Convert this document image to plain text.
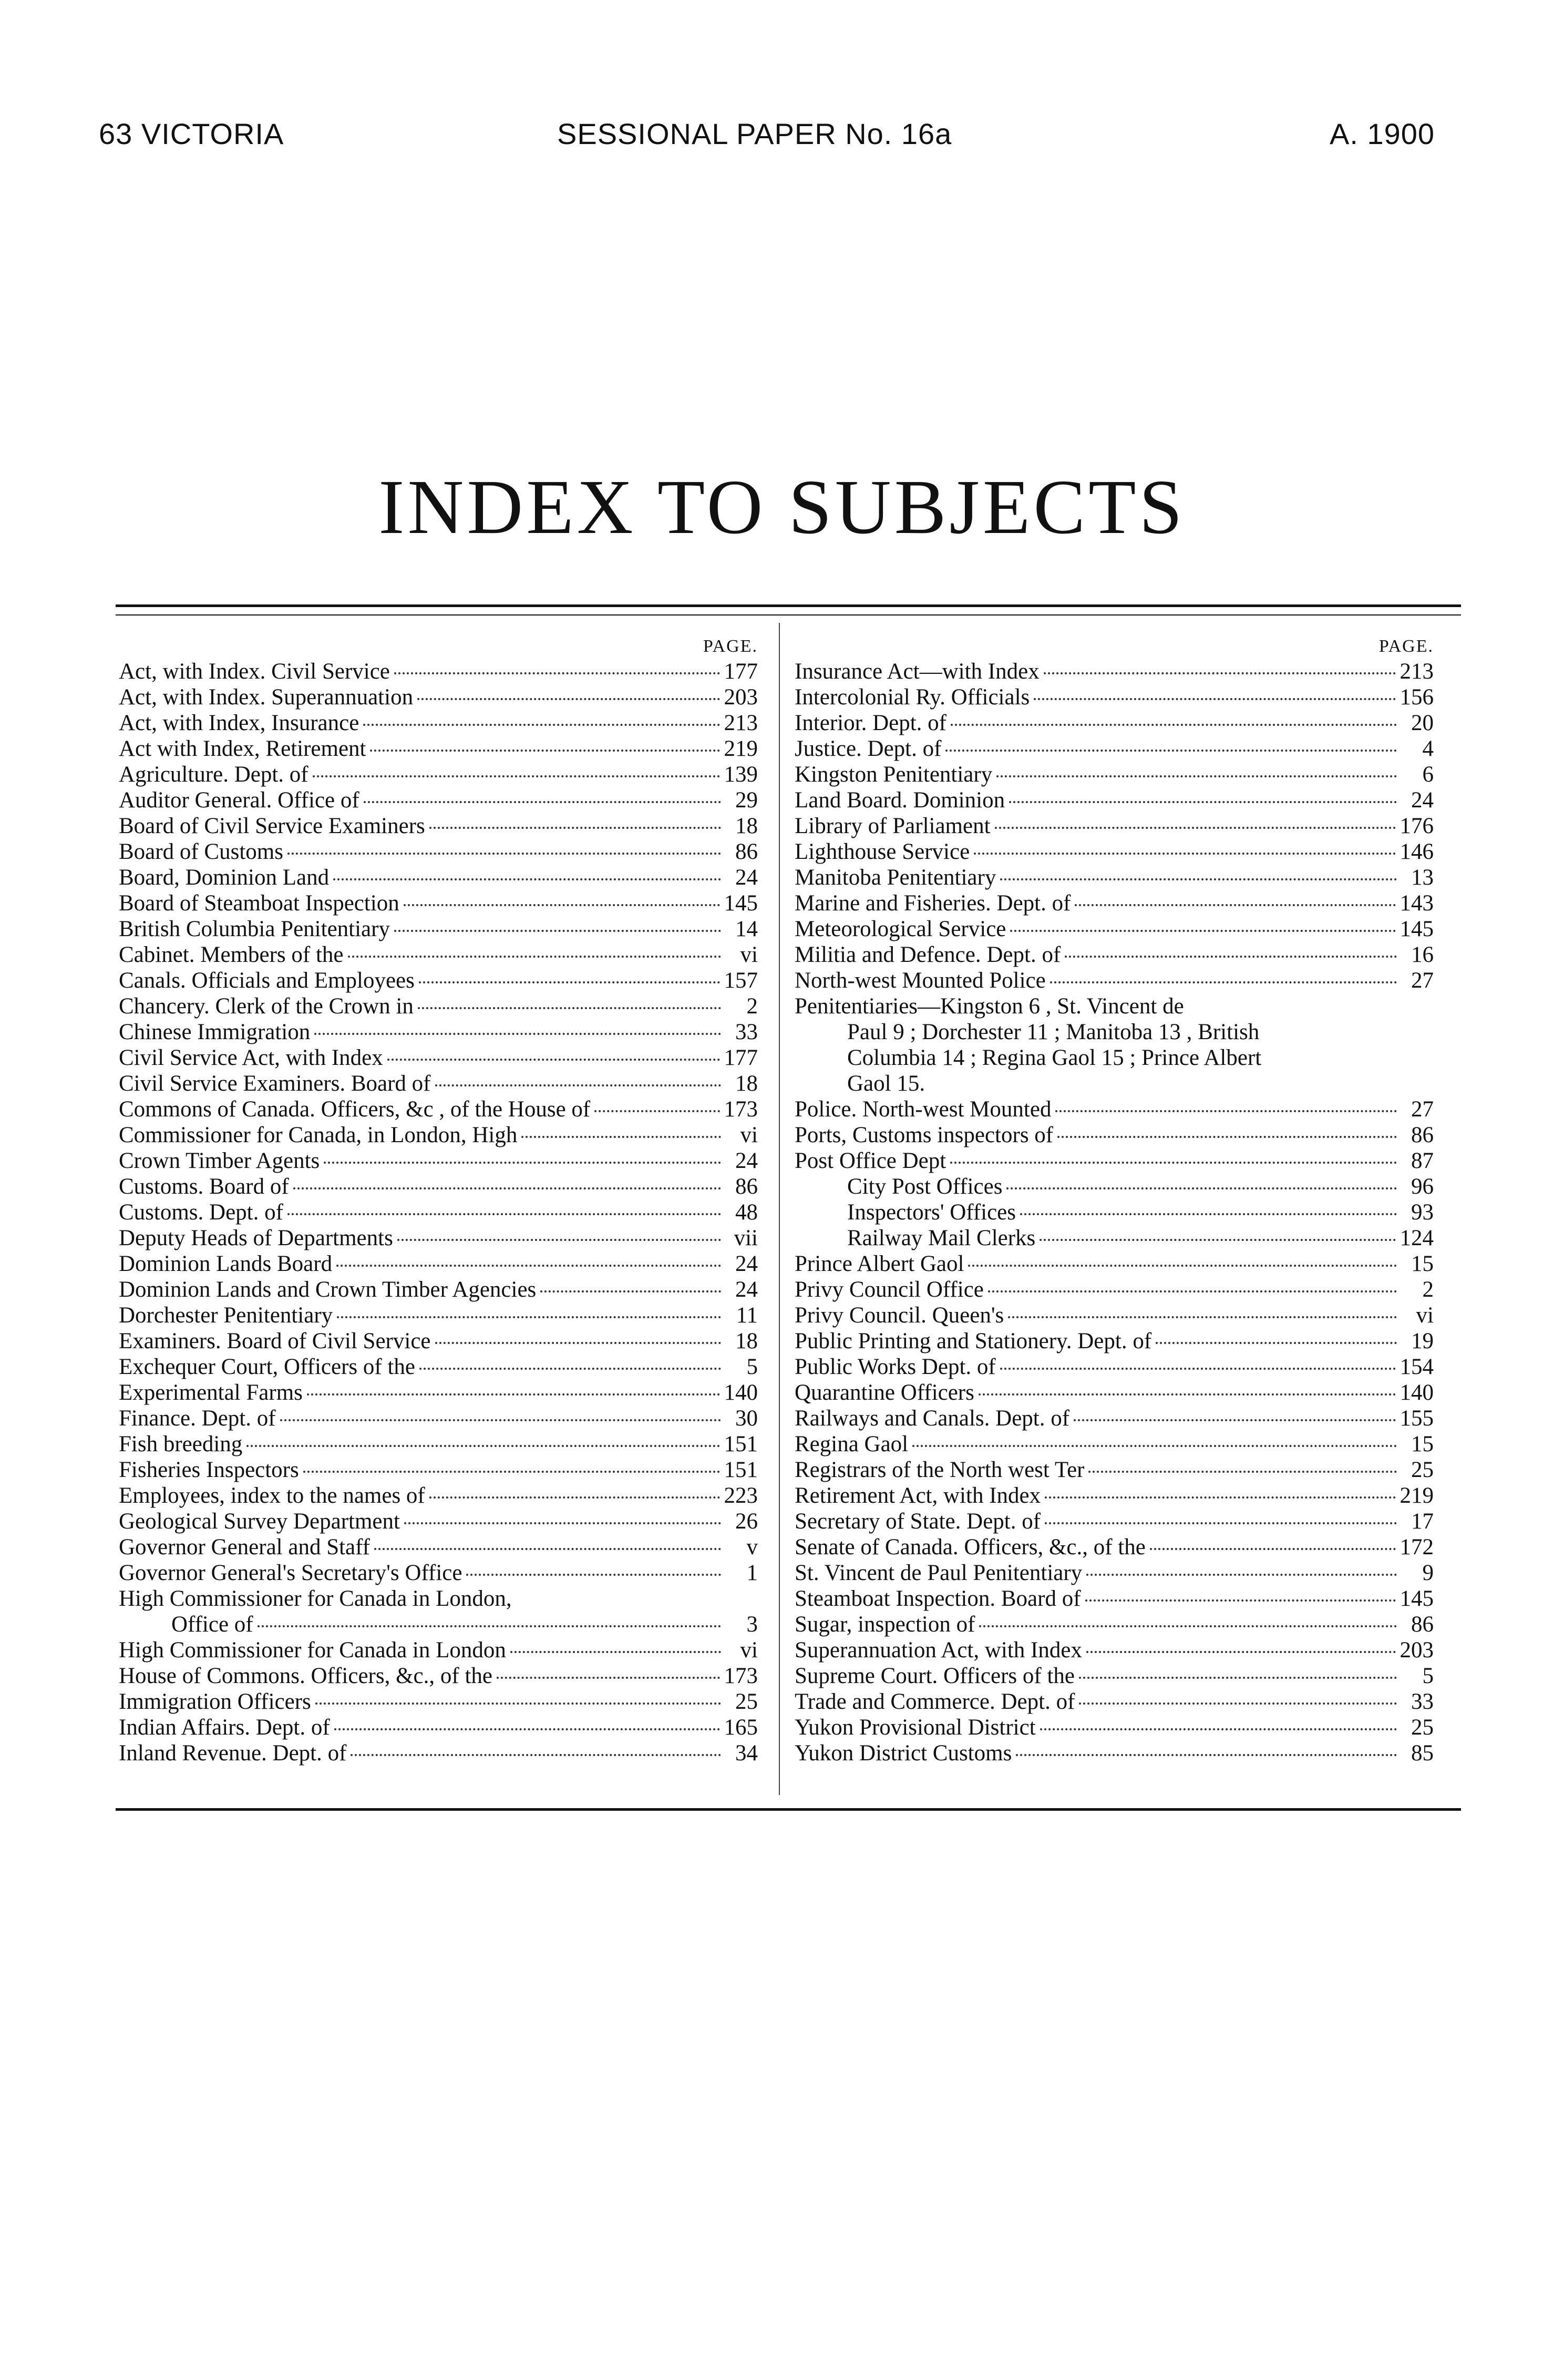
63 VICTORIA	SESSIONAL PAPER No. 16a	A. 1900
INDEX TO SUBJECTS
PAGE.
Act, with Index. Civil Service	177
Act, with Index. Superannuation	203
Act, with Index, Insurance	213
Act with Index, Retirement	219
Agriculture. Dept. of	139
Auditor General. Office of	29
Board of Civil Service Examiners	18
Board of Customs	86
Board, Dominion Land	24
Board of Steamboat Inspection	145
British Columbia Penitentiary	14
Cabinet. Members of the	vi
Canals. Officials and Employees	157
Chancery. Clerk of the Crown in	2
Chinese Immigration	33
Civil Service Act, with Index	177
Civil Service Examiners. Board of	18
Commons of Canada. Officers, &c , of the House of	173
Commissioner for Canada, in London, High	vi
Crown Timber Agents	24
Customs. Board of	86
Customs. Dept. of	48
Deputy Heads of Departments	vii
Dominion Lands Board	24
Dominion Lands and Crown Timber Agencies	24
Dorchester Penitentiary	11
Examiners. Board of Civil Service	18
Exchequer Court, Officers of the	5
Experimental Farms	140
Finance. Dept. of	30
Fish breeding	151
Fisheries Inspectors	151
Employees, index to the names of	223
Geological Survey Department	26
Governor General and Staff	v
Governor General's Secretary's Office	1
High Commissioner for Canada in London,
Office of	3
High Commissioner for Canada in London	vi
House of Commons. Officers, &c., of the	173
Immigration Officers	25
Indian Affairs. Dept. of	165
Inland Revenue. Dept. of	34
PAGE.
Insurance Act—with Index	213
Intercolonial Ry. Officials	156
Interior. Dept. of	20
Justice. Dept. of	4
Kingston Penitentiary	6
Land Board. Dominion	24
Library of Parliament	176
Lighthouse Service	146
Manitoba Penitentiary	13
Marine and Fisheries. Dept. of	143
Meteorological Service	145
Militia and Defence. Dept. of	16
North-west Mounted Police	27
Penitentiaries—Kingston 6 , St. Vincent de
Paul 9 ; Dorchester 11 ; Manitoba 13 , British
Columbia 14 ; Regina Gaol 15 ; Prince Albert
Gaol 15.
Police. North-west Mounted	27
Ports, Customs inspectors of	86
Post Office Dept	87
City Post Offices	96
Inspectors' Offices	93
Railway Mail Clerks	124
Prince Albert Gaol	15
Privy Council Office	2
Privy Council. Queen's	vi
Public Printing and Stationery. Dept. of	19
Public Works Dept. of	154
Quarantine Officers	140
Railways and Canals. Dept. of	155
Regina Gaol	15
Registrars of the North west Ter	25
Retirement Act, with Index	219
Secretary of State. Dept. of	17
Senate of Canada. Officers, &c., of the	172
St. Vincent de Paul Penitentiary	9
Steamboat Inspection. Board of	145
Sugar, inspection of	86
Superannuation Act, with Index	203
Supreme Court. Officers of the	5
Trade and Commerce. Dept. of	33
Yukon Provisional District	25
Yukon District Customs	85
